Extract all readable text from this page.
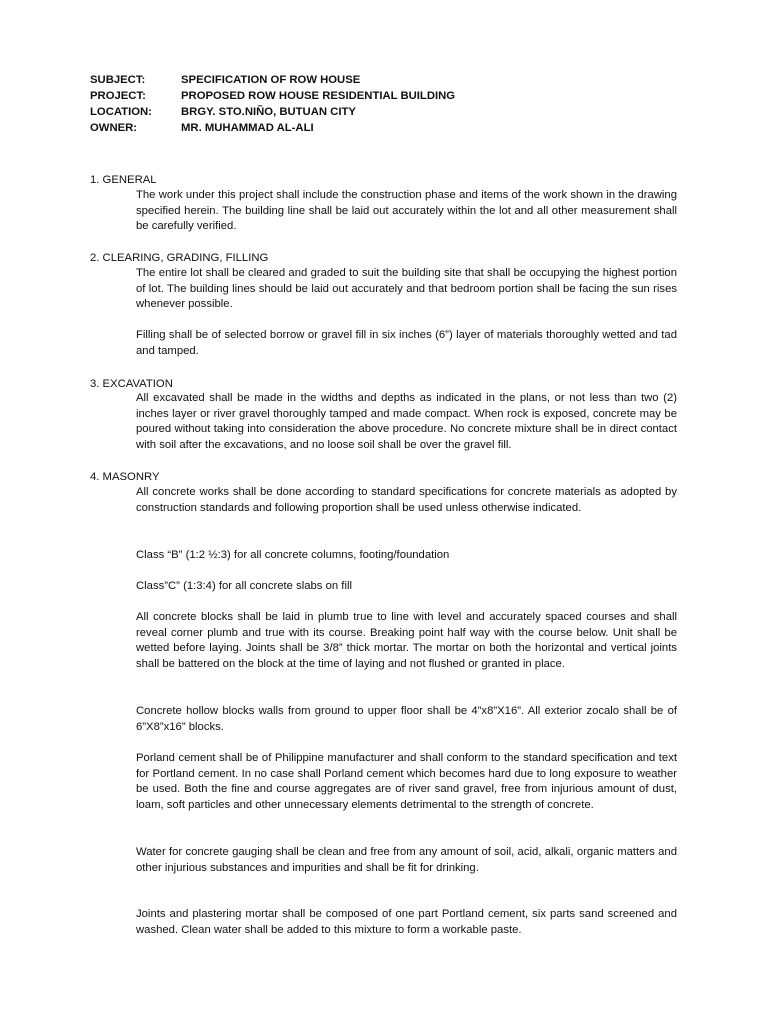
SUBJECT:	SPECIFICATION OF ROW HOUSE
PROJECT:	PROPOSED ROW HOUSE RESIDENTIAL BUILDING
LOCATION:	BRGY. STO.NIÑO, BUTUAN CITY
OWNER:	MR. MUHAMMAD AL-ALI
1. GENERAL
The work under this project shall include the construction phase and items of the work shown in the drawing specified herein. The building line shall be laid out accurately within the lot and all other measurement shall be carefully verified.
2. CLEARING, GRADING, FILLING
The entire lot shall be cleared and graded to suit the building site that shall be occupying the highest portion of lot. The building lines should be laid out accurately and that bedroom portion shall be facing the sun rises whenever possible.
Filling shall be of selected borrow or gravel fill in six inches (6”) layer of materials thoroughly wetted and tad and tamped.
3. EXCAVATION
All excavated shall be made in the widths and depths as indicated in the plans, or not less than two (2) inches layer or river gravel thoroughly tamped and made compact. When rock is exposed, concrete may be poured without taking into consideration the above procedure. No concrete mixture shall be in direct contact with soil after the excavations, and no loose soil shall be over the gravel fill.
4. MASONRY
All concrete works shall be done according to standard specifications for concrete materials as adopted by construction standards and following proportion shall be used unless otherwise indicated.
Class “B” (1:2 ½:3) for all concrete columns, footing/foundation
Class”C” (1:3:4) for all concrete slabs on fill
All concrete blocks shall be laid in plumb true to line with level and accurately spaced courses and shall reveal corner plumb and true with its course. Breaking point half way with the course below. Unit shall be wetted before laying. Joints shall be 3/8” thick mortar. The mortar on both the horizontal and vertical joints shall be battered on the block at the time of laying and not flushed or granted in place.
Concrete hollow blocks walls from ground to upper floor shall be 4”x8”X16”. All exterior zocalo shall be of 6”X8”x16” blocks.
Porland cement shall be of Philippine manufacturer and shall conform to the standard specification and text for Portland cement. In no case shall Porland cement which becomes hard due to long exposure to weather be used. Both the fine and course aggregates are of river sand gravel, free from injurious amount of dust, loam, soft particles and other unnecessary elements detrimental to the strength of concrete.
Water for concrete gauging shall be clean and free from any amount of soil, acid, alkali, organic matters and other injurious substances and impurities and shall be fit for drinking.
Joints and plastering mortar shall be composed of one part Portland cement, six parts sand screened and washed. Clean water shall be added to this mixture to form a workable paste.
